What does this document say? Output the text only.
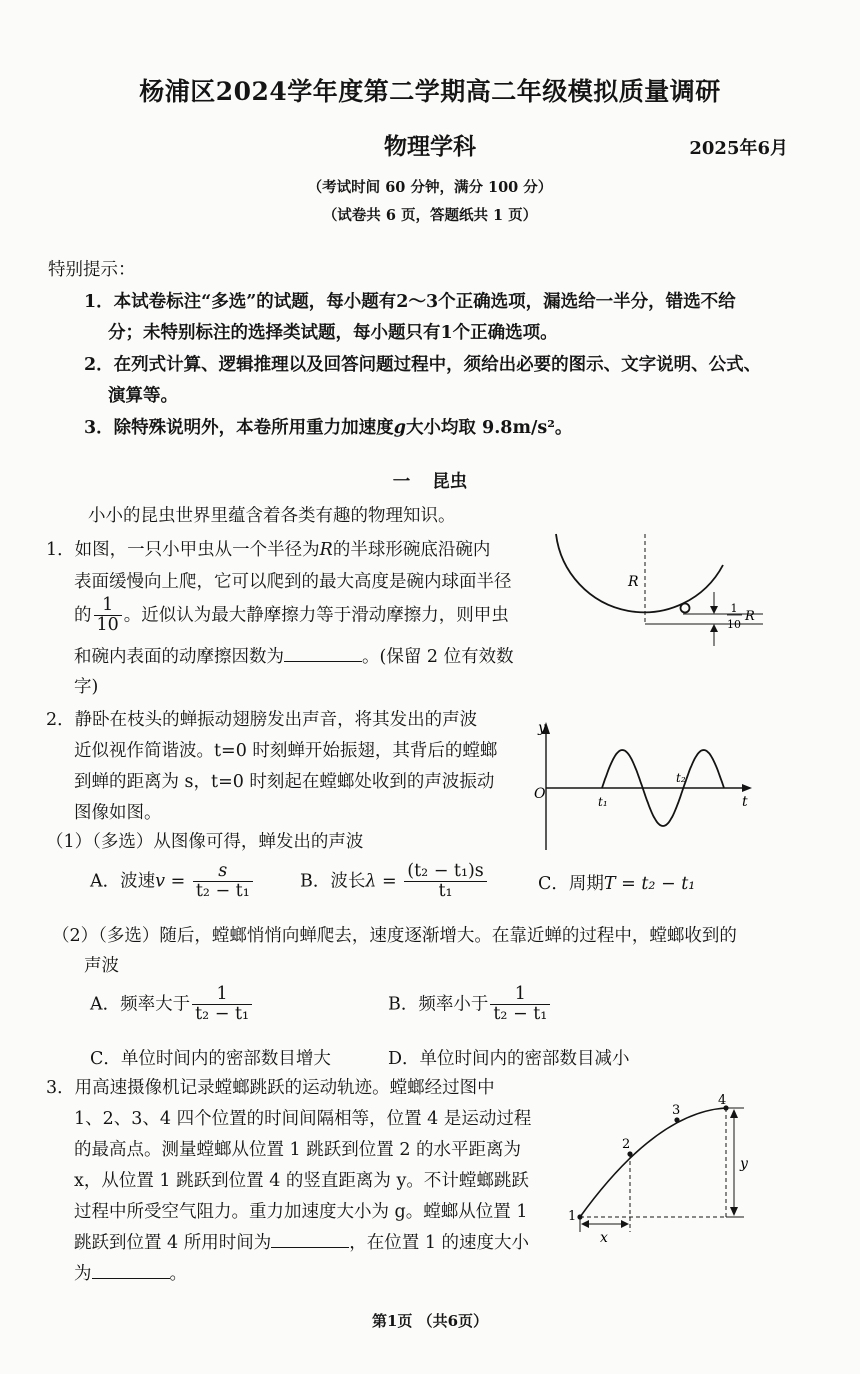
杨浦区2024学年度第二学期高二年级模拟质量调研
物理学科	2025年6月
（考试时间 60 分钟，满分 100 分）
（试卷共 6 页，答题纸共 1 页）
特别提示：
1．本试卷标注“多选”的试题，每小题有2～3个正确选项，漏选给一半分，错选不给
分；未特别标注的选择类试题，每小题只有1个正确选项。
2．在列式计算、逻辑推理以及回答问题过程中，须给出必要的图示、文字说明、公式、
演算等。
3．除特殊说明外，本卷所用重力加速度g大小均取 9.8m/s²。
一 昆虫
小小的昆虫世界里蕴含着各类有趣的物理知识。
1．如图，一只小甲虫从一个半径为R的半球形碗底沿碗内
表面缓慢向上爬，它可以爬到的最大高度是碗内球面半径
的 $\frac{1}{10}$ 。近似认为最大静摩擦力等于滑动摩擦力，则甲虫
和碗内表面的动摩擦因数为	。(保留 2 位有效数
字)
R
1
10
R
2．静卧在枝头的蝉振动翅膀发出声音，将其发出的声波
近似视作简谐波。t=0 时刻蝉开始振翅，其背后的螳螂
到蝉的距离为 s，t=0 时刻起在螳螂处收到的声波振动
图像如图。
（1）（多选）从图像可得，蝉发出的声波
A．波速$v = \frac{s}{\text{t₂ − t₁}}$	B．波长$\lambda = \frac{\text{(t₂ − t₁)s}}{\text{t₁}}$	C．周期T = t₂ − t₁
（2）（多选）随后，螳螂悄悄向蝉爬去，速度逐渐增大。在靠近蝉的过程中，螳螂收到的
声波
A．频率大于 $\frac{1}{\text{t₂ − t₁}}$	B．频率小于 $\frac{1}{\text{t₂ − t₁}}$
C．单位时间内的密部数目增大	D．单位时间内的密部数目减小
y
O	t
t₁
t₂
3．用高速摄像机记录螳螂跳跃的运动轨迹。螳螂经过图中
1、2、3、4 四个位置的时间间隔相等，位置 4 是运动过程
的最高点。测量螳螂从位置 1 跳跃到位置 2 的水平距离为
x，从位置 1 跳跃到位置 4 的竖直距离为 y。不计螳螂跳跃
过程中所受空气阻力。重力加速度大小为 g。螳螂从位置 1
跳跃到位置 4 所用时间为	，在位置 1 的速度大小
为	。
1
2
3
4
x
y
第1页 （共6页）
